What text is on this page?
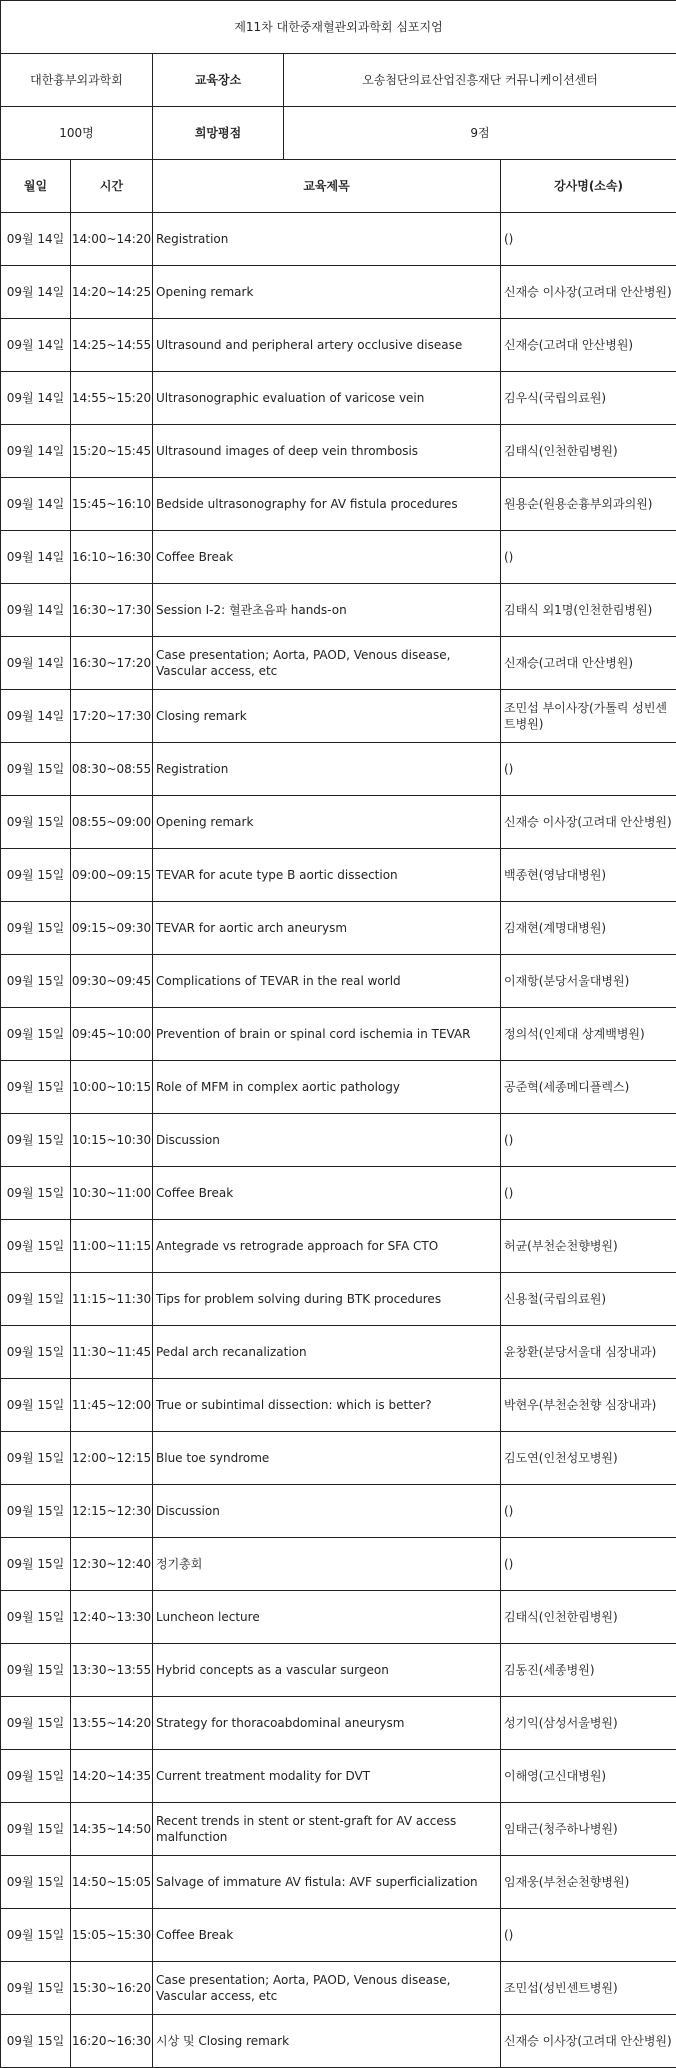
제11차 대한중재혈관외과학회 심포지엄				
대한흉부외과학회		교육장소	오송첨단의료산업진흥재단 커뮤니케이션센터	
100명		희망평점	9점	
월일	시간	교육제목		강사명(소속)
09월 14일	14:00~14:20	Registration		()
09월 14일	14:20~14:25	Opening remark		신재승 이사장(고려대 안산병원)
09월 14일	14:25~14:55	Ultrasound and peripheral artery occlusive disease		신재승(고려대 안산병원)
09월 14일	14:55~15:20	Ultrasonographic evaluation of varicose vein		김우식(국립의료원)
09월 14일	15:20~15:45	Ultrasound images of deep vein thrombosis		김태식(인천한림병원)
09월 14일	15:45~16:10	Bedside ultrasonography for AV fistula procedures		원용순(원용순흉부외과의원)
09월 14일	16:10~16:30	Coffee Break		()
09월 14일	16:30~17:30	Session I-2: 혈관초음파 hands-on		김태식 외1명(인천한림병원)
09월 14일	16:30~17:20	Case presentation; Aorta, PAOD, Venous disease, Vascular access, etc		신재승(고려대 안산병원)
09월 14일	17:20~17:30	Closing remark		조민섭 부이사장(가톨릭 성빈센트병원)
09월 15일	08:30~08:55	Registration		()
09월 15일	08:55~09:00	Opening remark		신재승 이사장(고려대 안산병원)
09월 15일	09:00~09:15	TEVAR for acute type B aortic dissection		백종현(영남대병원)
09월 15일	09:15~09:30	TEVAR for aortic arch aneurysm		김재현(계명대병원)
09월 15일	09:30~09:45	Complications of TEVAR in the real world		이재항(분당서울대병원)
09월 15일	09:45~10:00	Prevention of brain or spinal cord ischemia in TEVAR		정의석(인제대 상계백병원)
09월 15일	10:00~10:15	Role of MFM in complex aortic pathology		공준혁(세종메디플렉스)
09월 15일	10:15~10:30	Discussion		()
09월 15일	10:30~11:00	Coffee Break		()
09월 15일	11:00~11:15	Antegrade vs retrograde approach for SFA CTO		허균(부천순천향병원)
09월 15일	11:15~11:30	Tips for problem solving during BTK procedures		신용철(국립의료원)
09월 15일	11:30~11:45	Pedal arch recanalization		윤창환(분당서울대 심장내과)
09월 15일	11:45~12:00	True or subintimal dissection: which is better?		박현우(부천순천향 심장내과)
09월 15일	12:00~12:15	Blue toe syndrome		김도연(인천성모병원)
09월 15일	12:15~12:30	Discussion		()
09월 15일	12:30~12:40	정기총회		()
09월 15일	12:40~13:30	Luncheon lecture		김태식(인천한림병원)
09월 15일	13:30~13:55	Hybrid concepts as a vascular surgeon		김동진(세종병원)
09월 15일	13:55~14:20	Strategy for thoracoabdominal aneurysm		성기익(삼성서울병원)
09월 15일	14:20~14:35	Current treatment modality for DVT		이해영(고신대병원)
09월 15일	14:35~14:50	Recent trends in stent or stent-graft for AV access malfunction		임태근(청주하나병원)
09월 15일	14:50~15:05	Salvage of immature AV fistula: AVF superficialization		임재웅(부천순천향병원)
09월 15일	15:05~15:30	Coffee Break		()
09월 15일	15:30~16:20	Case presentation; Aorta, PAOD, Venous disease, Vascular access, etc		조민섭(성빈센트병원)
09월 15일	16:20~16:30	시상 및 Closing remark		신재승 이사장(고려대 안산병원)
